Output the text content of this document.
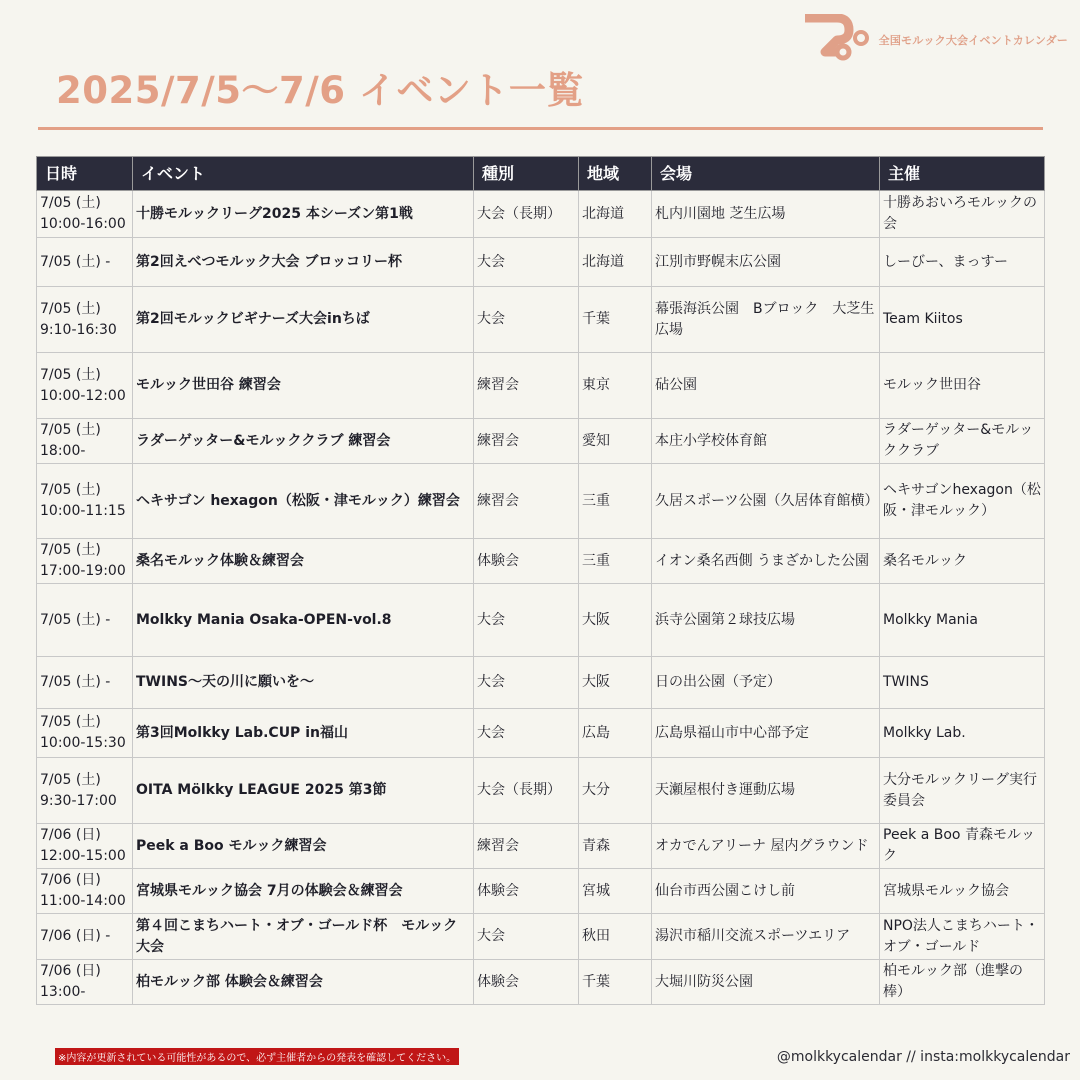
全国モルック大会イベントカレンダー
2025/7/5～7/6 イベント一覧
日時	イベント	種別	地域	会場	主催
7/05 (土)
10:00-16:00	十勝モルックリーグ2025 本シーズン第1戦	大会（長期）	北海道	札内川園地 芝生広場	十勝あおいろモルックの会
7/05 (土) -	第2回えべつモルック大会 ブロッコリー杯	大会	北海道	江別市野幌末広公園	しーびー、まっすー
7/05 (土)
9:10-16:30	第2回モルックビギナーズ大会inちば	大会	千葉	幕張海浜公園　Bブロック　大芝生広場	Team Kiitos
7/05 (土)
10:00-12:00	モルック世田谷 練習会	練習会	東京	砧公園	モルック世田谷
7/05 (土)
18:00-	ラダーゲッター&モルッククラブ 練習会	練習会	愛知	本庄小学校体育館	ラダーゲッター&モルッククラブ
7/05 (土)
10:00-11:15	ヘキサゴン hexagon（松阪・津モルック）練習会	練習会	三重	久居スポーツ公園（久居体育館横）	ヘキサゴンhexagon（松阪・津モルック）
7/05 (土)
17:00-19:00	桑名モルック体験＆練習会	体験会	三重	イオン桑名西側 うまざかした公園	桑名モルック
7/05 (土) -	Molkky Mania Osaka-OPEN-vol.8	大会	大阪	浜寺公園第２球技広場	Molkky Mania
7/05 (土) -	TWINS～天の川に願いを～	大会	大阪	日の出公園（予定）	TWINS
7/05 (土)
10:00-15:30	第3回Molkky Lab.CUP in福山	大会	広島	広島県福山市中心部予定	Molkky Lab.
7/05 (土)
9:30-17:00	OITA Mölkky LEAGUE 2025 第3節	大会（長期）	大分	天瀬屋根付き運動広場	大分モルックリーグ実行委員会
7/06 (日)
12:00-15:00	Peek a Boo モルック練習会	練習会	青森	オカでんアリーナ 屋内グラウンド	Peek a Boo 青森モルック
7/06 (日)
11:00-14:00	宮城県モルック協会 7月の体験会＆練習会	体験会	宮城	仙台市西公園こけし前	宮城県モルック協会
7/06 (日) -	第４回こまちハート・オブ・ゴールド杯　モルック大会	大会	秋田	湯沢市稲川交流スポーツエリア	NPO法人こまちハート・オブ・ゴールド
7/06 (日)
13:00-	柏モルック部 体験会＆練習会	体験会	千葉	大堀川防災公園	柏モルック部（進撃の棒）
※内容が更新されている可能性があるので、必ず主催者からの発表を確認してください。	@molkkycalendar // insta:molkkycalendar
